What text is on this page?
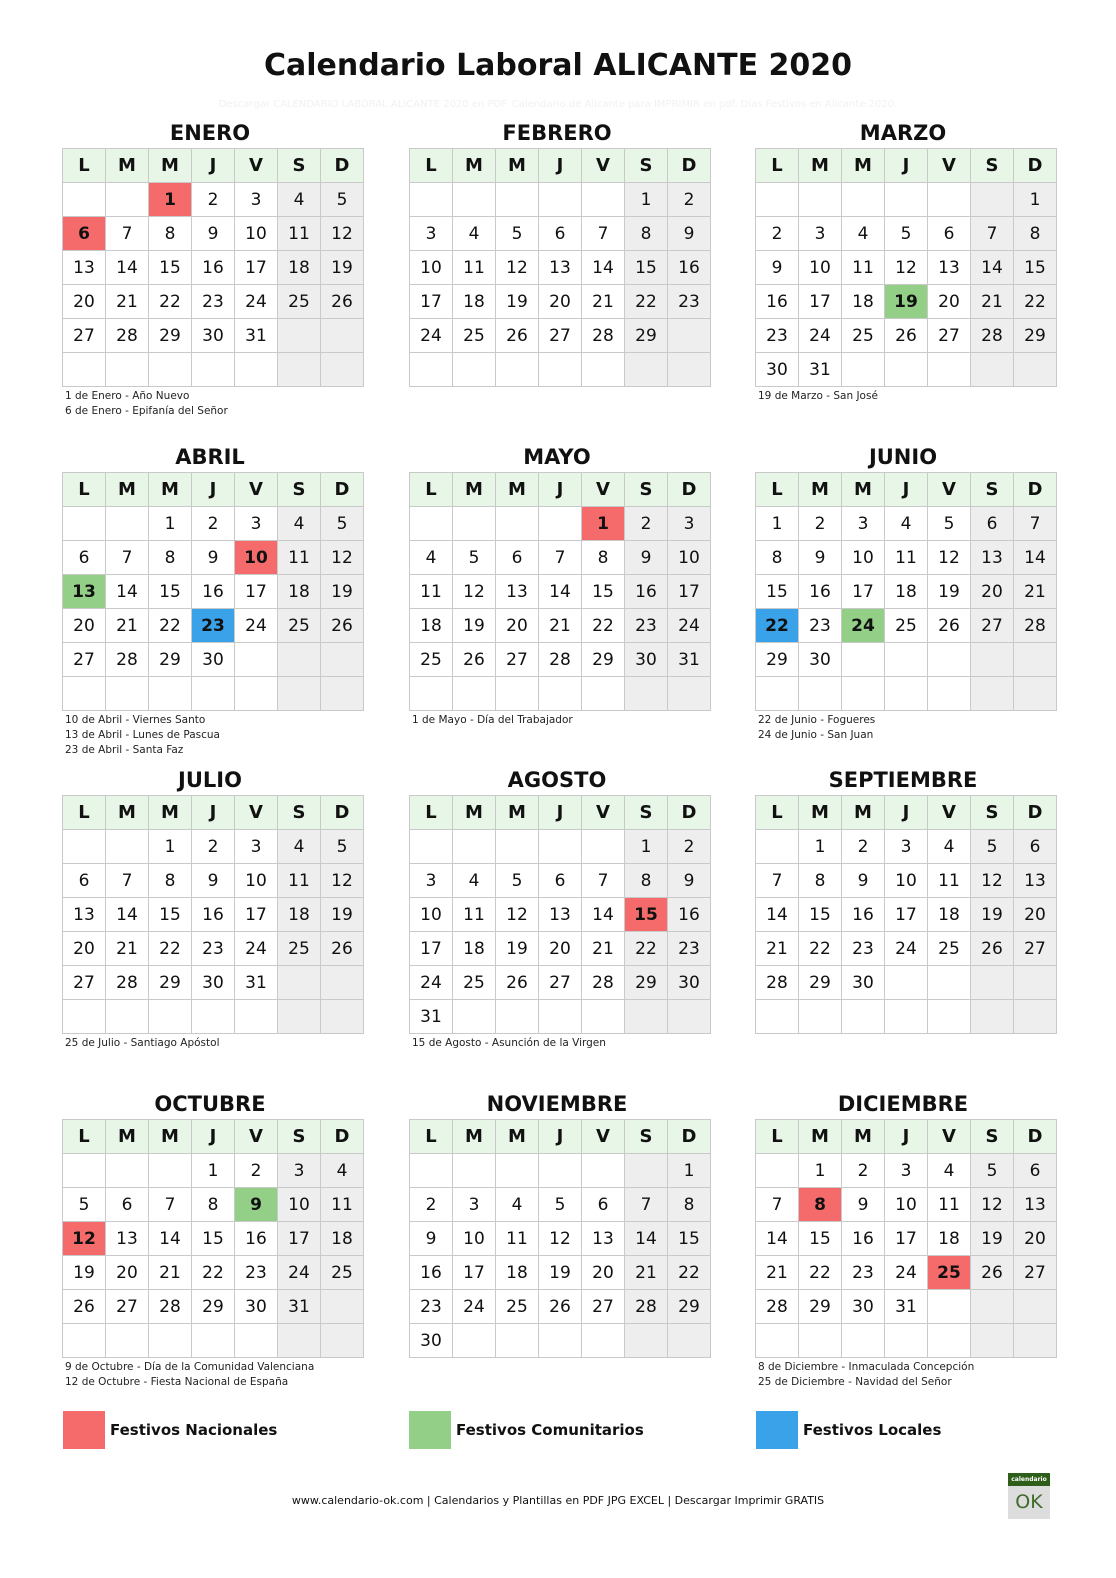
Calendario Laboral ALICANTE 2020
Descargar CALENDARIO LABORAL ALICANTE 2020 en PDF. Calendario de Alicante para IMPRIMIR en pdf. Días Festivos en Alicante 2020.
ENERO
L	M	M	J	V	S	D
		1	2	3	4	5
6	7	8	9	10	11	12
13	14	15	16	17	18	19
20	21	22	23	24	25	26
27	28	29	30	31		

1 de Enero - Año Nuevo
6 de Enero - Epifanía del Señor
FEBRERO
L	M	M	J	V	S	D
					1	2
3	4	5	6	7	8	9
10	11	12	13	14	15	16
17	18	19	20	21	22	23
24	25	26	27	28	29	

MARZO
L	M	M	J	V	S	D
						1
2	3	4	5	6	7	8
9	10	11	12	13	14	15
16	17	18	19	20	21	22
23	24	25	26	27	28	29
30	31					
19 de Marzo - San José
ABRIL
L	M	M	J	V	S	D
		1	2	3	4	5
6	7	8	9	10	11	12
13	14	15	16	17	18	19
20	21	22	23	24	25	26
27	28	29	30			

10 de Abril - Viernes Santo
13 de Abril - Lunes de Pascua
23 de Abril - Santa Faz
MAYO
L	M	M	J	V	S	D
				1	2	3
4	5	6	7	8	9	10
11	12	13	14	15	16	17
18	19	20	21	22	23	24
25	26	27	28	29	30	31

1 de Mayo - Día del Trabajador
JUNIO
L	M	M	J	V	S	D
1	2	3	4	5	6	7
8	9	10	11	12	13	14
15	16	17	18	19	20	21
22	23	24	25	26	27	28
29	30					

22 de Junio - Fogueres
24 de Junio - San Juan
JULIO
L	M	M	J	V	S	D
		1	2	3	4	5
6	7	8	9	10	11	12
13	14	15	16	17	18	19
20	21	22	23	24	25	26
27	28	29	30	31		

25 de Julio - Santiago Apóstol
AGOSTO
L	M	M	J	V	S	D
					1	2
3	4	5	6	7	8	9
10	11	12	13	14	15	16
17	18	19	20	21	22	23
24	25	26	27	28	29	30
31						
15 de Agosto - Asunción de la Virgen
SEPTIEMBRE
L	M	M	J	V	S	D
	1	2	3	4	5	6
7	8	9	10	11	12	13
14	15	16	17	18	19	20
21	22	23	24	25	26	27
28	29	30				

OCTUBRE
L	M	M	J	V	S	D
			1	2	3	4
5	6	7	8	9	10	11
12	13	14	15	16	17	18
19	20	21	22	23	24	25
26	27	28	29	30	31	

9 de Octubre - Día de la Comunidad Valenciana
12 de Octubre - Fiesta Nacional de España
NOVIEMBRE
L	M	M	J	V	S	D
						1
2	3	4	5	6	7	8
9	10	11	12	13	14	15
16	17	18	19	20	21	22
23	24	25	26	27	28	29
30						
DICIEMBRE
L	M	M	J	V	S	D
	1	2	3	4	5	6
7	8	9	10	11	12	13
14	15	16	17	18	19	20
21	22	23	24	25	26	27
28	29	30	31			

8 de Diciembre - Inmaculada Concepción
25 de Diciembre - Navidad del Señor
Festivos Nacionales	Festivos Comunitarios	Festivos Locales
www.calendario-ok.com | Calendarios y Plantillas en PDF JPG EXCEL | Descargar Imprimir GRATIS
calendario
OK
